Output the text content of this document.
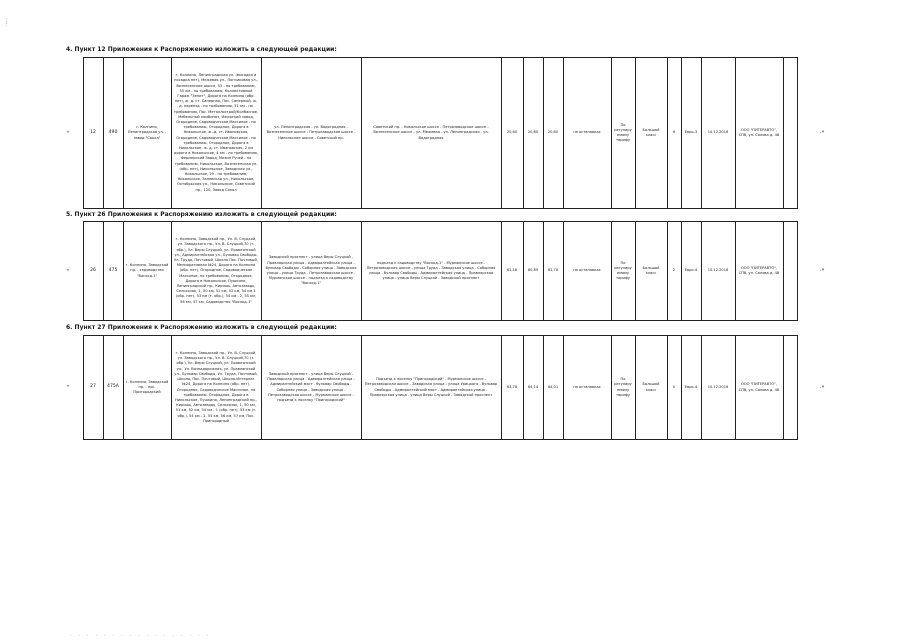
·····
4. Пункт 12 Приложения к Распоряжению изложить в следующей редакции:
«	12	490	г. Колпино, Ленинградская ул. - завод "Сокол"	г. Колпино, Ленинградская ул. (высадка и посадка нет), Межевая ул., Пончиковая ул., Вознесенское шоссе, 53 - по требованию, 55 км - по требованию, Коллективный Гараж "Зенит", Дорога на Колпино (обр. нет), ж. д. ст. Саперная, Пос. Саперный, ж. д. переезд - по требованию, 31 км - по требованию, Пос. Металлострой/Колбасное, Мебельный комбинат, Ижорский завод, Огородное, Садоводческое Массиное - по требованию, Огородное, Дорога в Никольское, ж.-д. ст. Ивановская, Огородное, Садоводческое Массиное - по требованию, Огородное, Дорога в Никольское, ж. д. ст. Ивановская, 2 км дорога в Никольское, 4 км - по требованию, Фермерский Завод, Мизин Ручей - по требованию, Никольское, Вознесенская ул. (обр. нет), Никольское, Заводская ул., Никольское, 29 - по требованию, Никольское, Заневская ул., Никольское, Октябрьская ул., Никольское, Советский пр., 120, Завод Сокол	ул. Ленинградская - ул. Вадоградная - Вознесенское шоссе - Петрозаводское шоссе - Никольское шоссе - Советский пр.	Советский пр. - Никольское шоссе - Петрозаводское шоссе - Вознесенское шоссе - ул. Межевая - ул. Ленинградская - ул. Вадоградная	20,60	20,60	20,60	на остановках	По регулируемому тарифу	Большой класс	6	Евро-3	10.12.2016	ООО "ПИТЕРАВТО", СПб, ул. Салова д. 48		.»
5. Пункт 26 Приложения к Распоряжению изложить в следующей редакции:
«	26	475	г. Колпино, Заводской пр. - садоводство "Восход-1"	г. Колпино, Заводской пр., Ул. В. Слуцкой, ул. Заводского пр., Ул. В. Слуцкой,70 (т. обр.), Ул. Веры Слуцкой, ул. Правлянской ул., Адмиралтейская ул., Бульвар Свободы, Ул. Труда, Почтовый, Школа Пос. Почтовый, Мелиоративная №24, Дорога на Колпино (обр. нет), Огородное, Садоводческое Массиное, по требованию, Огородное, Дорога в Никольское, Пушкино, Ленинградский пр., Киришь, Автозаводь, Сельхозяк, 1, 50 км, 51 км, 52 км, 54 км 1 (обр. нет), 53 км (т. обр.), 54 км - 2, 55 км, 56 км, 57 км, Садоводство "Восход-1"	Заводской проспект - улица Веры Слуцкой - Правлярская улица - Адмиралтейская улица - бульвар Свободы - Соборная улица - Заводская улица - улица Труда - Петрозаводская шоссе - Мурманское шоссе - подъезд к садоводству "Восход-1"	подъезд к садоводству "Восход-1" - Мурманское шоссе - Петрозаводская шоссе - улица Труда - Заводская улица - Соборная улица - бульвар Свободы - Адмиралтейская улица - Правлярская улица - улица Веры Слуцкой - Заводской проспект	61,18	60,89	61,70	на остановках	По регулируемому тарифу	Большой класс	2	Евро-4	10.12.2016	ООО "ПИТЕРАВТО", СПб, ул. Салова д. 48		.»
6. Пункт 27 Приложения к Распоряжению изложить в следующей редакции:
«	27	475А	г. Колпино, Заводской пр. - пос. Пригородский	г. Колпино, Заводской пр., Ул. В. Слуцкой, ул. Заводского пр., Ул. В. Слуцкой,70 (т. обр.), Ул. Веры Слуцкой, ул. Правлянской ул., Ул. Вознадорожная, ул. Правлянской ул., Бульвар Свободы, Ул. Труда, Почтовый, Школа, Пос. Почтовый, Школа-Интернат №24, Дорога на Колпино (обр. нет), Огородное, Садоводческое Массиное, по требованию, Огородное, Дорога в Никольское, Пушкино, Ленинградский пр., Киришь, Автозаводь, Сельхозяк, 1, 50 км, 51 км, 52 км, 54 км - 1 (обр. нет), 53 км (т. обр.), 54 км - 2, 55 км, 56 км, 57 км, Пос. Пригородный	Заводской проспект - улица Веры Слуцкой - Правлярская улица - Адмиралтейская улица - Адмиралтейский мост - бульвар Свободы - Соборная улица - Заводская улица - Петрозаводская шоссе - Мурманское шоссе - подъезд к поселку "Пригородский"	Подъезд к поселку "Пригородский" - Мурманское шоссе - Петрозаводская шоссе - Заводская улица - улица Урицкого - бульвар Свободы - Адмиралтейский мост - Адмиралтейская улица - Правлярская улица - улица Веры Слуцкой - Заводской проспект	63,78	64,14	64,01	на остановках	По регулируемому тарифу	Большой класс	0	Евро-4	10.12.2016	ООО "ПИТЕРАВТО", СПб, ул. Салова д. 48		.»
· · · · · · · · · · · · · · · · ·
